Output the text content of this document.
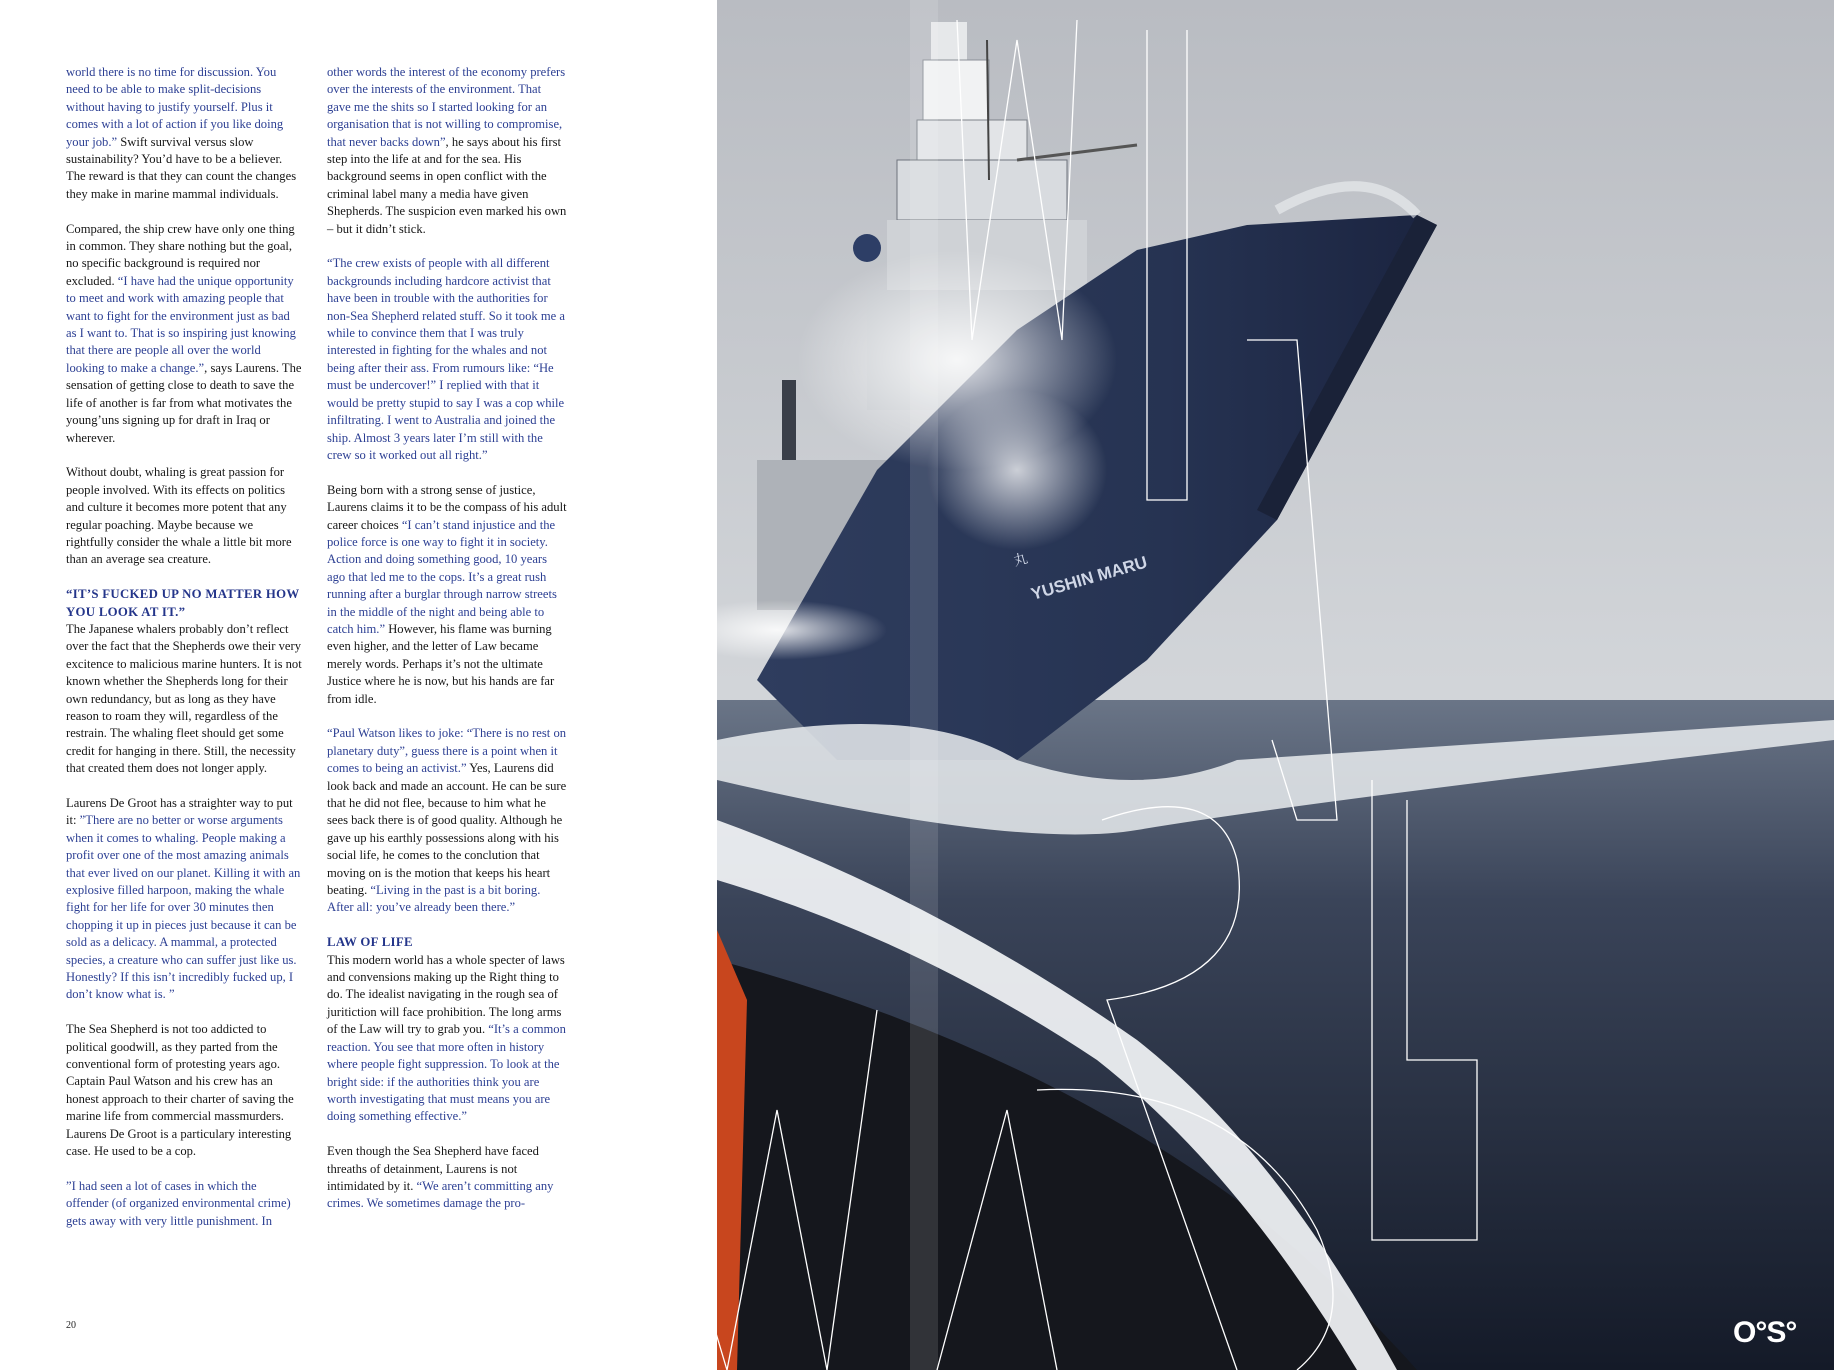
world there is no time for discussion. You need to be able to make split-decisions without having to justify yourself. Plus it comes with a lot of action if you like doing your job.” Swift survival versus slow sustainability? You’d have to be a believer. The reward is that they can count the changes they make in marine mammal individuals.

Compared, the ship crew have only one thing in common. They share nothing but the goal, no specific background is required nor excluded. “I have had the unique opportunity to meet and work with amazing people that want to fight for the environment just as bad as I want to. That is so inspiring just knowing that there are people all over the world looking to make a change.”, says Laurens. The sensation of getting close to death to save the life of another is far from what motivates the young’uns signing up for draft in Iraq or wherever.

Without doubt, whaling is great passion for people involved. With its effects on politics and culture it becomes more potent that any regular poaching. Maybe because we rightfully consider the whale a little bit more than an average sea creature.

“IT’S FUCKED UP NO MATTER HOW YOU LOOK AT IT.”

The Japanese whalers probably don’t reflect over the fact that the Shepherds owe their very excitence to malicious marine hunters. It is not known whether the Shepherds long for their own redundancy, but as long as they have reason to roam they will, regardless of the restrain. The whaling fleet should get some credit for hanging in there. Still, the necessity that created them does not longer apply.

Laurens De Groot has a straighter way to put it: ”There are no better or worse arguments when it comes to whaling. People making a profit over one of the most amazing animals that ever lived on our planet. Killing it with an explosive filled harpoon, making the whale fight for her life for over 30 minutes then chopping it up in pieces just because it can be sold as a delicacy. A mammal, a protected species, a creature who can suffer just like us. Honestly? If this isn’t incredibly fucked up, I don’t know what is. ”

The Sea Shepherd is not too addicted to political goodwill, as they parted from the conventional form of protesting years ago. Captain Paul Watson and his crew has an honest approach to their charter of saving the marine life from commercial massmurders. Laurens De Groot is a particulary interesting case. He used to be a cop.

”I had seen a lot of cases in which the offender (of organized environmental crime) gets away with very little punishment. In

other words the interest of the economy prefers over the interests of the environment. That gave me the shits so I started looking for an organisation that is not willing to compromise, that never backs down”, he says about his first step into the life at and for the sea. His background seems in open conflict with the criminal label many a media have given Shepherds. The suspicion even marked his own – but it didn’t stick.

“The crew exists of people with all different backgrounds including hardcore activist that have been in trouble with the authorities for non-Sea Shepherd related stuff. So it took me a while to convince them that I was truly interested in fighting for the whales and not being after their ass. From rumours like: “He must be undercover!” I replied with that it would be pretty stupid to say I was a cop while infiltrating. I went to Australia and joined the ship. Almost 3 years later I’m still with the crew so it worked out all right.”

Being born with a strong sense of justice, Laurens claims it to be the compass of his adult career choices “I can’t stand injustice and the police force is one way to fight it in society. Action and doing something good, 10 years ago that led me to the cops. It’s a great rush running after a burglar through narrow streets in the middle of the night and being able to catch him.” However, his flame was burning even higher, and the letter of Law became merely words. Perhaps it’s not the ultimate Justice where he is now, but his hands are far from idle.

“Paul Watson likes to joke: “There is no rest on planetary duty”, guess there is a point when it comes to being an activist.” Yes, Laurens did look back and made an account. He can be sure that he did not flee, because to him what he sees back there is of good quality. Although he gave up his earthly possessions along with his social life, he comes to the conclution that moving on is the motion that keeps his heart beating. “Living in the past is a bit boring. After all: you’ve already been there.”

LAW OF LIFE

This modern world has a whole specter of laws and convensions making up the Right thing to do. The idealist navigating in the rough sea of juritiction will face prohibition. The long arms of the Law will try to grab you. “It’s a common reaction. You see that more often in history where people fight suppression. To look at the bright side: if the authorities think you are worth investigating that must means you are doing something effective.”

Even though the Sea Shepherd have faced threaths of detainment, Laurens is not intimidated by it. “We aren’t committing any crimes. We sometimes damage the pro-

20
YUSHIN MARU
丸
O°S°
